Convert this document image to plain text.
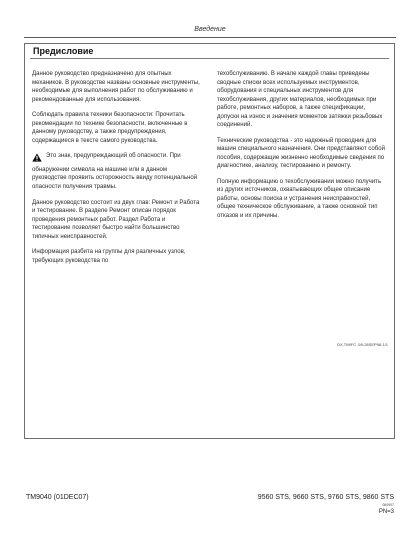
Введение
Предисловие

Данное руководство предназначено для опытных механиков. В руководстве названы основные инструменты, необходимые для выполнения работ по обслуживанию и рекомендованные для использования.

Соблюдать правила техники безопасности: Прочитать рекомендации по технике безопасности, включенные в данному руководству, а также предупреждения, содержащиеся в тексте самого руководства.

Это знак, предупреждающий об опасности. При обнаружении символа на машине или в данном руководстве проявить осторожность ввиду потенциальной опасности получения травмы.

Данное руководство состоит из двух глав: Ремонт и Работа и тестирование. В разделе Ремонт описан порядок проведения ремонтных работ. Раздел Работа и тестирование позволяет быстро найти большинство типичных неисправностей.

Информация разбита на группы для различных узлов, требующих руководства по

техобслуживанию. В начале каждой главы приведены сводные списки всех используемых инструментов, оборудования и специальных инструментов для техобслуживания, других материалов, необходимых при работе, ремонтных наборов, а также спецификации, допуски на износ и значения моментов затяжки резьбовых соединений.

Технические руководства - это надежный проводник для машин специального назначения. Они представляют собой пособия, содержащие жизненно необходимые сведения по диагностике, анализу, тестированию и ремонту.

Полную информацию о техобслуживании можно получить из других источников, охватывающих общее описание работы, основы поиска и устранения неисправностей, общее техническое обслуживание, а также основной тип отказов и их причины.

DX,TMIFC -59-28SEP98-1/1
TM9040 (01DEC07)	9560 STS, 9660 STS, 9760 STS, 9860 STS
060907
PN=3
